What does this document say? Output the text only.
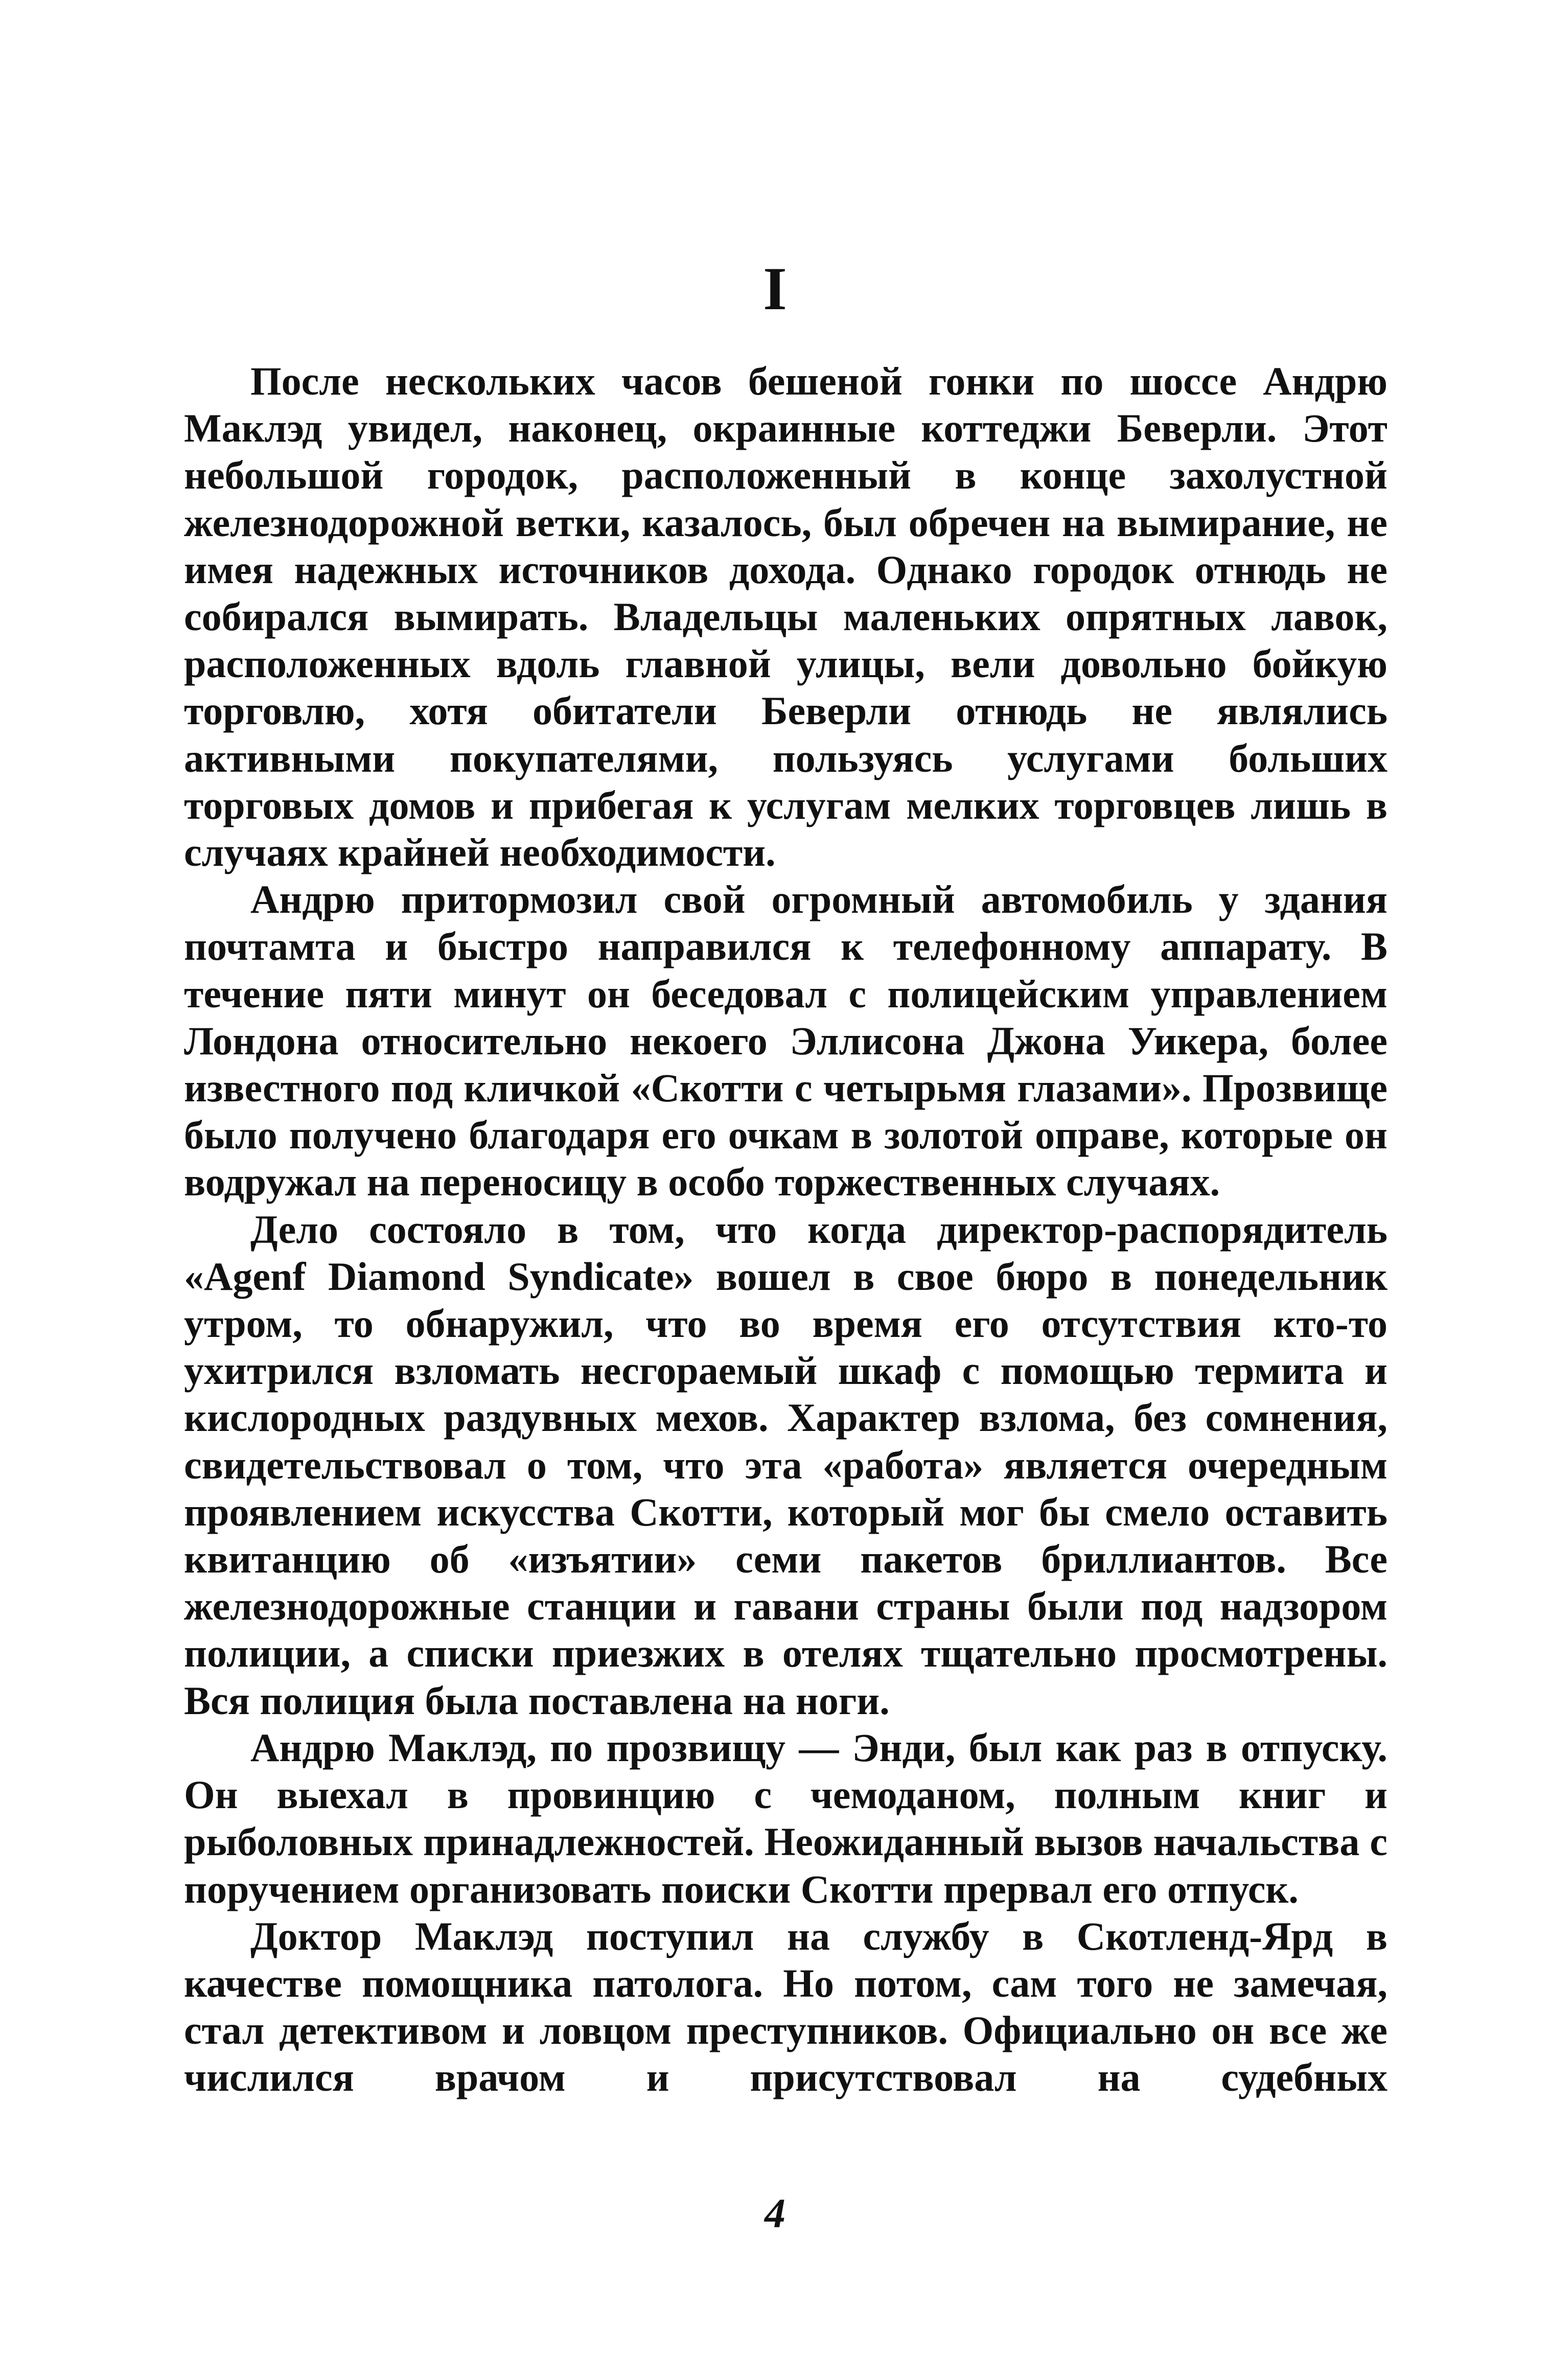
I

После нескольких часов бешеной гонки по шоссе Андрю Маклэд увидел, наконец, окраинные коттеджи Беверли. Этот небольшой городок, расположенный в конце захолустной железнодорожной ветки, казалось, был обречен на вымирание, не имея надежных источников дохода. Однако городок отнюдь не собирался вымирать. Владельцы маленьких опрятных лавок, расположенных вдоль главной улицы, вели довольно бойкую торговлю, хотя обитатели Беверли отнюдь не являлись активными покупателями, пользуясь услугами больших торговых домов и прибегая к услугам мелких торговцев лишь в случаях крайней необходимости.

Андрю притормозил свой огромный автомобиль у здания почтамта и быстро направился к телефонному аппарату. В течение пяти минут он беседовал с полицейским управлением Лондона относительно некоего Эллисона Джона Уикера, более известного под кличкой «Скотти с четырьмя глазами». Прозвище было получено благодаря его очкам в золотой оправе, которые он водружал на переносицу в особо торжественных случаях.

Дело состояло в том, что когда директор-распорядитель «Agenf Diamond Syndicate» вошел в свое бюро в понедельник утром, то обнаружил, что во время его отсутствия кто-то ухитрился взломать несгораемый шкаф с помощью термита и кислородных раздувных мехов. Характер взлома, без сомнения, свидетельствовал о том, что эта «работа» является очередным проявлением искусства Скотти, который мог бы смело оставить квитанцию об «изъятии» семи пакетов бриллиантов. Все железнодорожные станции и гавани страны были под надзором полиции, а списки приезжих в отелях тщательно просмотрены. Вся полиция была поставлена на ноги.

Андрю Маклэд, по прозвищу — Энди, был как раз в отпуску. Он выехал в провинцию с чемоданом, полным книг и рыболовных принадлежностей. Неожиданный вызов начальства с поручением организовать поиски Скотти прервал его отпуск.

Доктор Маклэд поступил на службу в Скотленд-Ярд в качестве помощника патолога. Но потом, сам того не замечая, стал детективом и ловцом преступников. Официально он все же числился врачом и присутствовал на судебных

4
